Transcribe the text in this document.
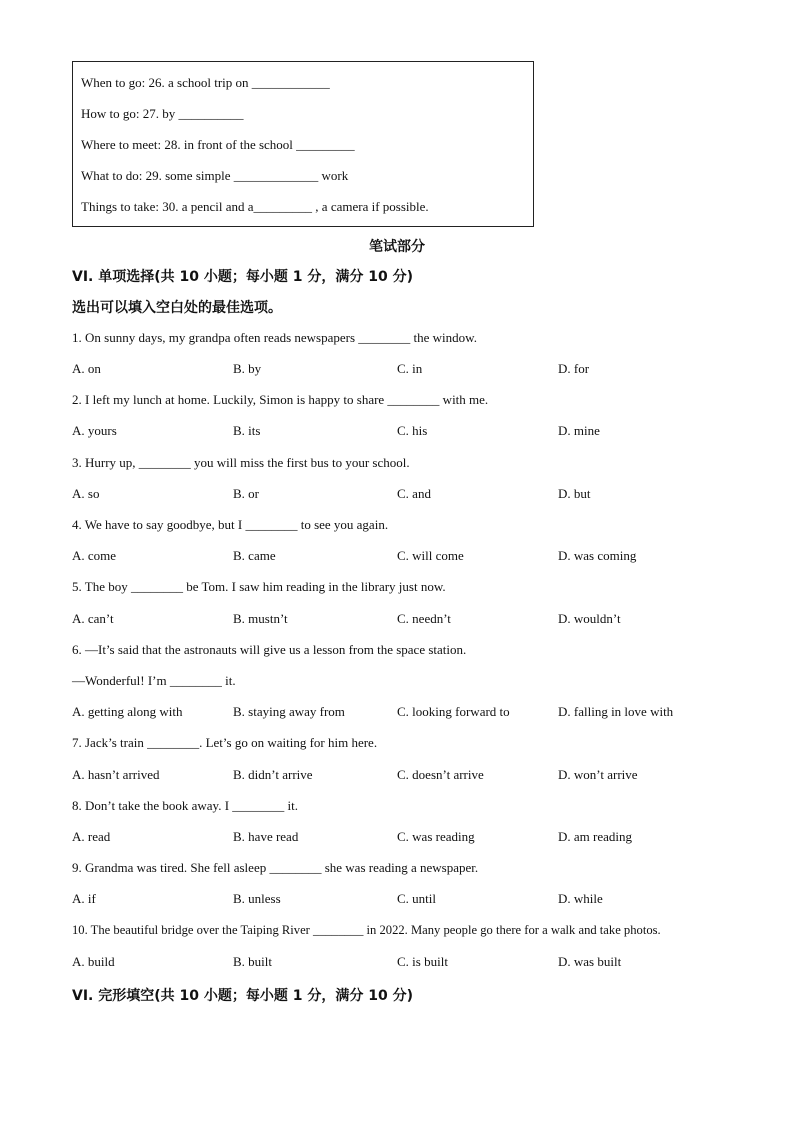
When to go: 26. a school trip on ____________
How to go: 27. by __________
Where to meet: 28. in front of the school _________
What to do: 29. some simple _____________ work
Things to take: 30. a pencil and a_________ , a camera if possible.
笔试部分
VI. 单项选择(共 10 小题；每小题 1 分，满分 10 分)
选出可以填入空白处的最佳选项。
1. On sunny days, my grandpa often reads newspapers ________ the window.
A. on	B. by	C. in	D. for
2. I left my lunch at home. Luckily, Simon is happy to share ________ with me.
A. yours	B. its	C. his	D. mine
3. Hurry up, ________ you will miss the first bus to your school.
A. so	B. or	C. and	D. but
4. We have to say goodbye, but I ________ to see you again.
A. come	B. came	C. will come	D. was coming
5. The boy ________ be Tom. I saw him reading in the library just now.
A. can’t	B. mustn’t	C. needn’t	D. wouldn’t
6. —It’s said that the astronauts will give us a lesson from the space station.
—Wonderful! I’m ________ it.
A. getting along with	B. staying away from	C. looking forward to	D. falling in love with
7. Jack’s train ________. Let’s go on waiting for him here.
A. hasn’t arrived	B. didn’t arrive	C. doesn’t arrive	D. won’t arrive
8. Don’t take the book away. I ________ it.
A. read	B. have read	C. was reading	D. am reading
9. Grandma was tired. She fell asleep ________ she was reading a newspaper.
A. if	B. unless	C. until	D. while
10. The beautiful bridge over the Taiping River ________ in 2022. Many people go there for a walk and take photos.
A. build	B. built	C. is built	D. was built
VI. 完形填空(共 10 小题；每小题 1 分，满分 10 分)
